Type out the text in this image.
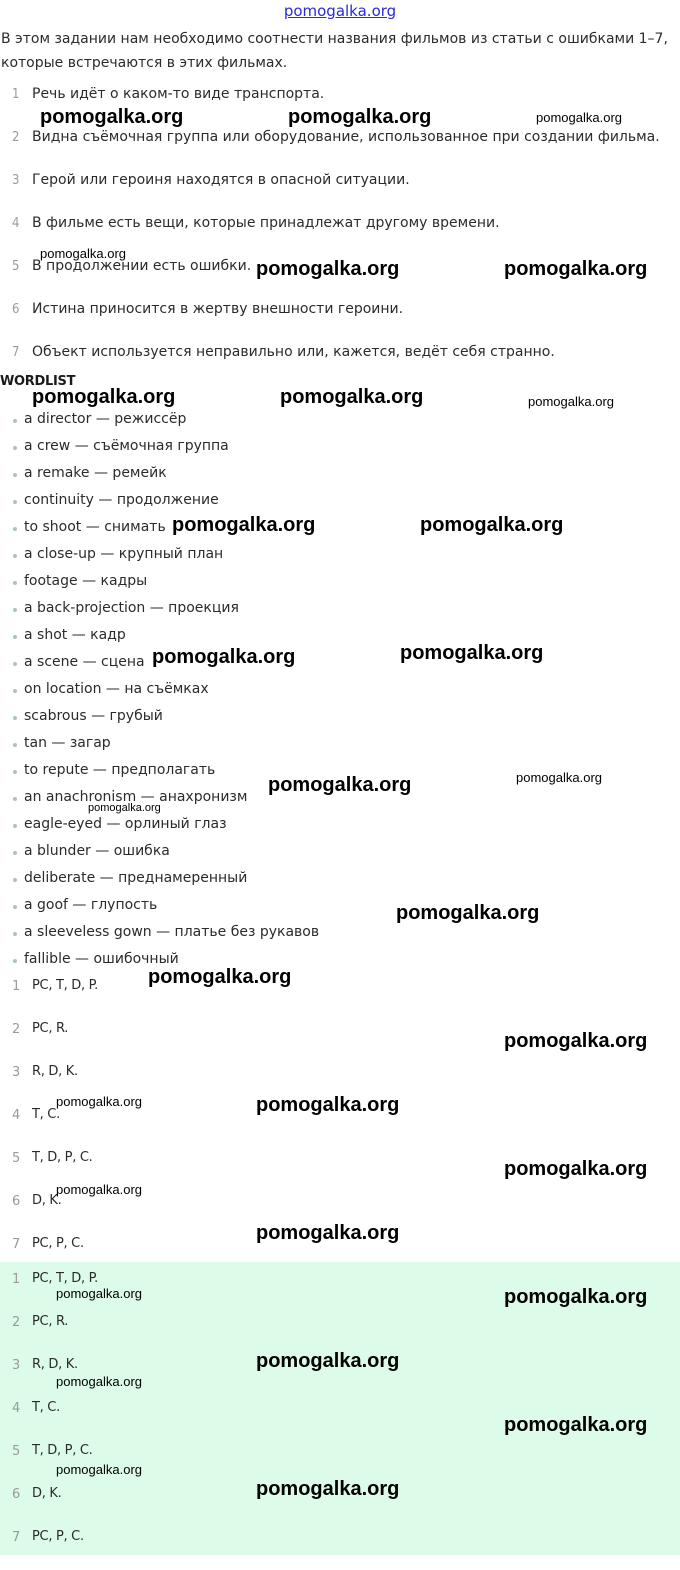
pomogalka.org
В этом задании нам необходимо соотнести названия фильмов из статьи с ошибками 1–7, которые встречаются в этих фильмах.
1 Речь идёт о каком-то виде транспорта.
2 Видна съёмочная группа или оборудование, использованное при создании фильма.
3 Герой или героиня находятся в опасной ситуации.
4 В фильме есть вещи, которые принадлежат другому времени.
5 В продолжении есть ошибки.
6 Истина приносится в жертву внешности героини.
7 Объект используется неправильно или, кажется, ведёт себя странно.
WORDLIST
a director — режиссёр
a crew — съёмочная группа
a remake — ремейк
continuity — продолжение
to shoot — снимать
a close-up — крупный план
footage — кадры
a back-projection — проекция
a shot — кадр
a scene — сцена
on location — на съёмках
scabrous — грубый
tan — загар
to repute — предполагать
an anachronism — анахронизм
eagle-eyed — орлиный глаз
a blunder — ошибка
deliberate — преднамеренный
a goof — глупость
a sleeveless gown — платье без рукавов
fallible — ошибочный
1 PC, T, D, P.
2 PC, R.
3 R, D, K.
4 T, C.
5 T, D, P, C.
6 D, K.
7 PC, P, C.
1 PC, T, D, P.
2 PC, R.
3 R, D, K.
4 T, C.
5 T, D, P, C.
6 D, K.
7 PC, P, C.
pomogalka.org	pomogalka.org	pomogalka.org
pomogalka.org
pomogalka.org	pomogalka.org
pomogalka.org	pomogalka.org	pomogalka.org
pomogalka.org	pomogalka.org
pomogalka.org	pomogalka.org
pomogalka.org	pomogalka.org
pomogalka.org
pomogalka.org
pomogalka.org
pomogalka.org
pomogalka.org	pomogalka.org
pomogalka.org
pomogalka.org
pomogalka.org
pomogalka.org	pomogalka.org
pomogalka.org
pomogalka.org
pomogalka.org
pomogalka.org
pomogalka.org
